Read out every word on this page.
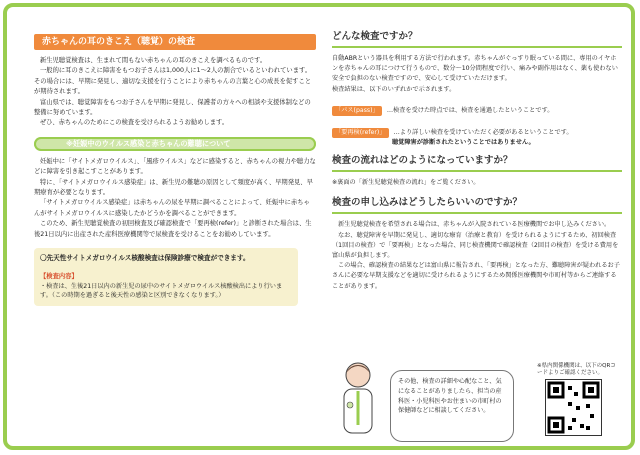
赤ちゃんの耳のきこえ（聴覚）の検査

新生児聴覚検査は、生まれて間もない赤ちゃんの耳のきこえを調べるものです。

一般的に耳のきこえに障害をもつお子さんは1,000人に1～2人の割合でいるといわれています。その場合には、早期に発見し、適切な支援を行うことにより赤ちゃんの言葉と心の成長を促すことが期待されます。

富山県では、聴覚障害をもつお子さんを早期に発見し、保護者の方々への相談や支援体制などの整備に努めています。

ぜひ、赤ちゃんのためにこの検査を受けられるようお勧めします。

※妊娠中のウイルス感染と赤ちゃんの難聴について

妊娠中に「サイトメガロウイルス」、「風疹ウイルス」などに感染すると、赤ちゃんの視力や聴力などに障害を引き起こすことがあります。

特に、「サイトメガロウイルス感染症」は、新生児の難聴の原因として頻度が高く、早期発見、早期療育が必要となります。

「サイトメガロウイルス感染症」は赤ちゃんの尿を早期に調べることによって、妊娠中に赤ちゃんがサイトメガロウイルスに感染したかどうかを調べることができます。

このため、新生児聴覚検査の初回検査及び確認検査で「要再検(refer)」と診断された場合は、生後21日以内に出産された産科医療機関等で尿検査を受けることをお勧めしています。

〇先天性サイトメガロウイルス核酸検査は保険診療で検査ができます。
【検査内容】
・検査は、生後21日以内の新生児の尿中のサイトメガロウイルス核酸検出により行います。（この時期を過ぎると後天性の感染と区別できなくなります。）
どんな検査ですか？

自動ABRという器具を利用する方法で行われます。赤ちゃんがぐっすり眠っている間に、専用のイヤホンを赤ちゃんの耳につけて行うもので、数分～10分間程度で行い、痛みや副作用はなく、薬も使わない安全で負担のない検査ですので、安心して受けていただけます。

検査結果は、以下のいずれかで示されます。

「パス(pass)」 …検査を受けた時点では、検査を通過したということです。
「要再検(refer)」 …より詳しい検査を受けていただく必要があるということです。
聴覚障害が診断されたということではありません。
検査の流れはどのようになっていますか？
※裏面の「新生児聴覚検査の流れ」をご覧ください。
検査の申し込みはどうしたらいいのですか？

新生児聴覚検査を希望される場合は、赤ちゃんが入院されている医療機関でお申し込みください。

なお、聴覚障害を早期に発見し、適切な療育（治療と教育）を受けられるようにするため、初回検査（1回目の検査）で「要再検」となった場合、同じ検査機関で確認検査（2回目の検査）を受ける費用を富山県が負担します。

この場合、確認検査の結果などは富山県に報告され、「要再検」となった方、難聴障害が疑われるお子さんに必要な早期支援などを適切に受けられるようにするため関係医療機関や市町村等からご連絡することがあります。

その他、検査の詳細や心配なこと、気になることがありましたら、担当の産科医・小児科医やお住まいの市町村の保健師などに相談してください。
※県内関係機関は、以下のQRコードよりご確認ください。
